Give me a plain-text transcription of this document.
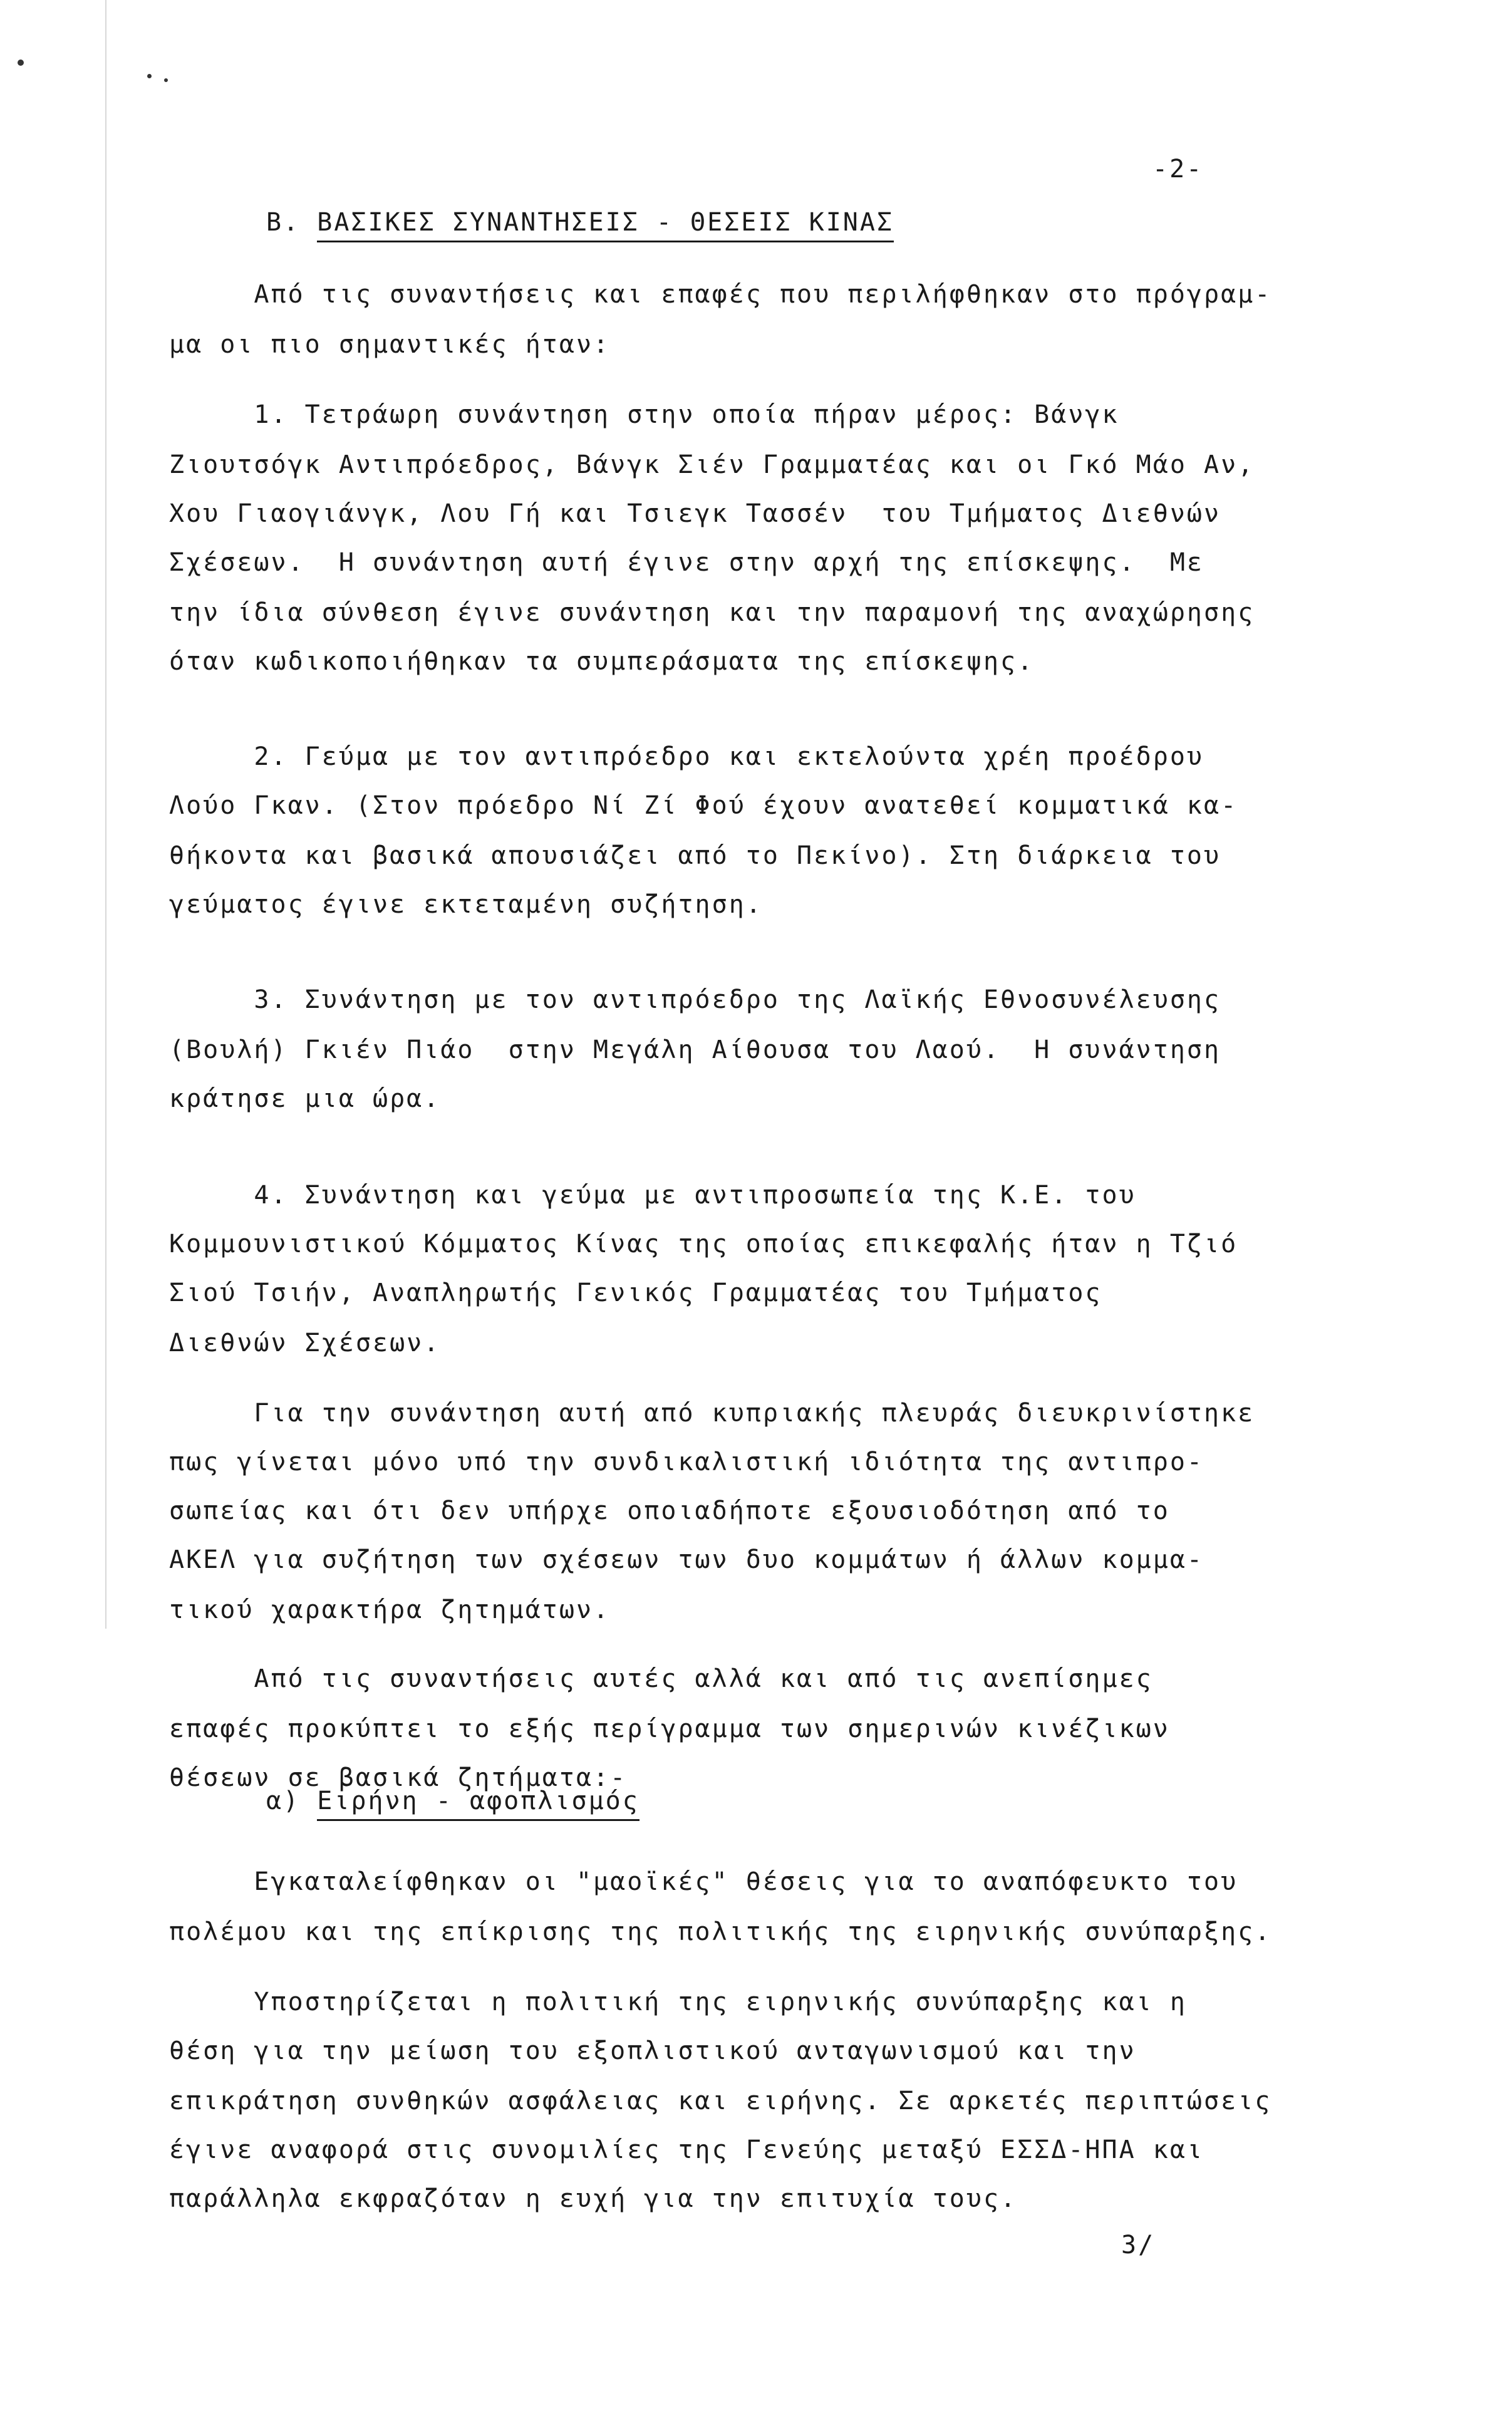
-2-
Β. ΒΑΣΙΚΕΣ ΣΥΝΑΝΤΗΣΕΙΣ - ΘΕΣΕΙΣ ΚΙΝΑΣ
Από τις συναντήσεις και επαφές που περιλήφθηκαν στο πρόγραμ-
μα οι πιο σημαντικές ήταν:
1. Τετράωρη συνάντηση στην οποία πήραν μέρος: Βάνγκ
Ζιουτσόγκ Αντιπρόεδρος, Βάνγκ Σιέν Γραμματέας και οι Γκό Μάο Αν,
Χου Γιαογιάνγκ, Λου Γή και Τσιεγκ Τασσέν  του Τμήματος Διεθνών
Σχέσεων.  Η συνάντηση αυτή έγινε στην αρχή της επίσκεψης.  Με
την ίδια σύνθεση έγινε συνάντηση και την παραμονή της αναχώρησης
όταν κωδικοποιήθηκαν τα συμπεράσματα της επίσκεψης.
2. Γεύμα με τον αντιπρόεδρο και εκτελούντα χρέη προέδρου
Λούο Γκαν. (Στον πρόεδρο Νί Ζί Φού έχουν ανατεθεί κομματικά κα-
θήκοντα και βασικά απουσιάζει από το Πεκίνο). Στη διάρκεια του
γεύματος έγινε εκτεταμένη συζήτηση.
3. Συνάντηση με τον αντιπρόεδρο της Λαϊκής Εθνοσυνέλευσης
(Βουλή) Γκιέν Πιάο  στην Μεγάλη Αίθουσα του Λαού.  Η συνάντηση
κράτησε μια ώρα.
4. Συνάντηση και γεύμα με αντιπροσωπεία της Κ.Ε. του
Κομμουνιστικού Κόμματος Κίνας της οποίας επικεφαλής ήταν η Τζιό
Σιού Τσιήν, Αναπληρωτής Γενικός Γραμματέας του Τμήματος
Διεθνών Σχέσεων.
Για την συνάντηση αυτή από κυπριακής πλευράς διευκρινίστηκε
πως γίνεται μόνο υπό την συνδικαλιστική ιδιότητα της αντιπρο-
σωπείας και ότι δεν υπήρχε οποιαδήποτε εξουσιοδότηση από το
ΑΚΕΛ για συζήτηση των σχέσεων των δυο κομμάτων ή άλλων κομμα-
τικού χαρακτήρα ζητημάτων.
Από τις συναντήσεις αυτές αλλά και από τις ανεπίσημες
επαφές προκύπτει το εξής περίγραμμα των σημερινών κινέζικων
θέσεων σε βασικά ζητήματα:-
Εγκαταλείφθηκαν οι "μαοϊκές" θέσεις για το αναπόφευκτο του
πολέμου και της επίκρισης της πολιτικής της ειρηνικής συνύπαρξης.
Υποστηρίζεται η πολιτική της ειρηνικής συνύπαρξης και η
θέση για την μείωση του εξοπλιστικού ανταγωνισμού και την
επικράτηση συνθηκών ασφάλειας και ειρήνης. Σε αρκετές περιπτώσεις
έγινε αναφορά στις συνομιλίες της Γενεύης μεταξύ ΕΣΣΔ-ΗΠΑ και
παράλληλα εκφραζόταν η ευχή για την επιτυχία τους.
α) Ειρήνη - αφοπλισμός
3/
